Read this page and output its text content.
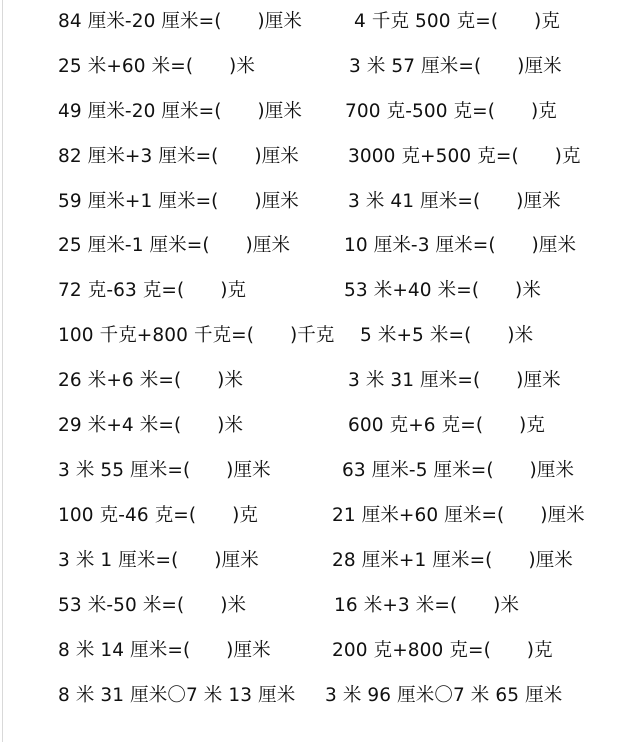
84 厘米-20 厘米=(      )厘米	4 千克 500 克=(      )克
25 米+60 米=(      )米	3 米 57 厘米=(      )厘米
49 厘米-20 厘米=(      )厘米 700 克-500 克=(      )克
82 厘米+3 厘米=(      )厘米	3000 克+500 克=(      )克
59 厘米+1 厘米=(      )厘米	3 米 41 厘米=(      )厘米
25 厘米-1 厘米=(      )厘米	10 厘米-3 厘米=(      )厘米
72 克-63 克=(      )克	53 米+40 米=(      )米
100 千克+800 千克=(      )千克 5 米+5 米=(      )米
26 米+6 米=(      )米	3 米 31 厘米=(      )厘米
29 米+4 米=(      )米	600 克+6 克=(      )克
3 米 55 厘米=(      )厘米	63 厘米-5 厘米=(      )厘米
100 克-46 克=(      )克	21 厘米+60 厘米=(      )厘米
3 米 1 厘米=(      )厘米	28 厘米+1 厘米=(      )厘米
53 米-50 米=(      )米	16 米+3 米=(      )米
8 米 14 厘米=(      )厘米	200 克+800 克=(      )克
8 米 31 厘米〇7 米 13 厘米 3 米 96 厘米〇7 米 65 厘米
